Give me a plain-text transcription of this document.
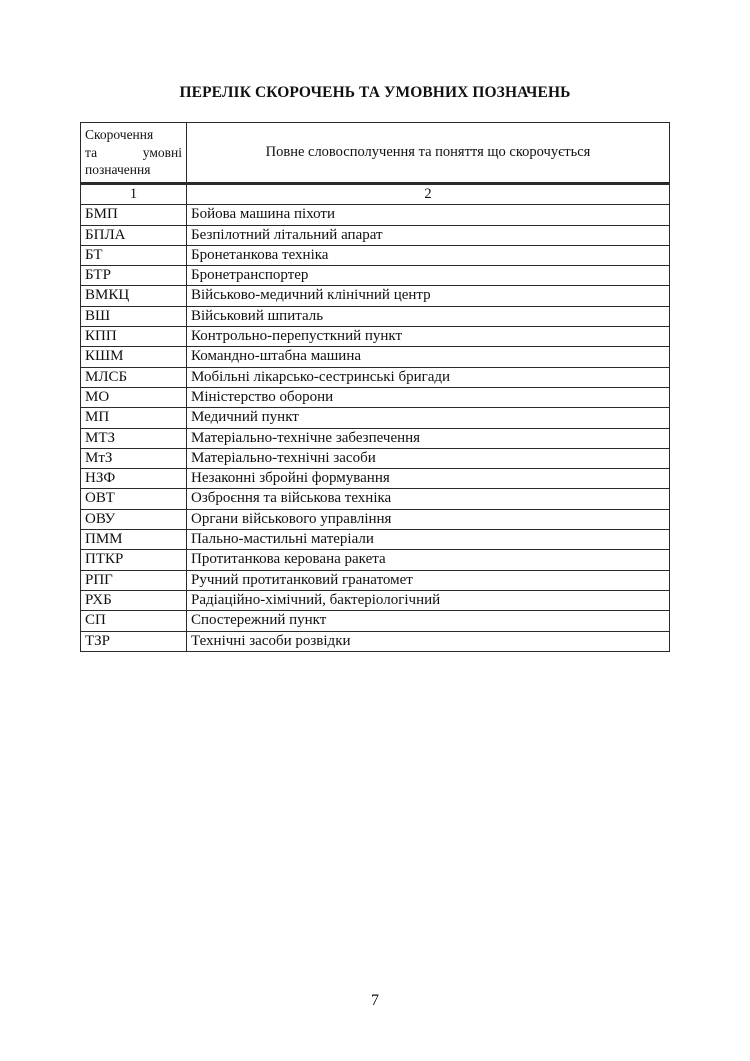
ПЕРЕЛІК СКОРОЧЕНЬ ТА УМОВНИХ ПОЗНАЧЕНЬ
Скорочення
та умовні
позначення	Повне словосполучення та поняття що скорочується
1	2
БМП	Бойова машина піхоти
БПЛА	Безпілотний літальний апарат
БТ	Бронетанкова техніка
БТР	Бронетранспортер
ВМКЦ	Військово-медичний клінічний центр
ВШ	Військовий шпиталь
КПП	Контрольно-перепусткний пункт
КШМ	Командно-штабна машина
МЛСБ	Мобільні лікарсько-сестринські бригади
МО	Міністерство оборони
МП	Медичний пункт
МТЗ	Матеріально-технічне забезпечення
МтЗ	Матеріально-технічні засоби
НЗФ	Незаконні збройні формування
ОВТ	Озброєння та військова техніка
ОВУ	Органи військового управління
ПММ	Пально-мастильні матеріали
ПТКР	Протитанкова керована ракета
РПГ	Ручний протитанковий гранатомет
РХБ	Радіаційно-хімічний, бактеріологічний
СП	Спостережний пункт
ТЗР	Технічні засоби розвідки
7
